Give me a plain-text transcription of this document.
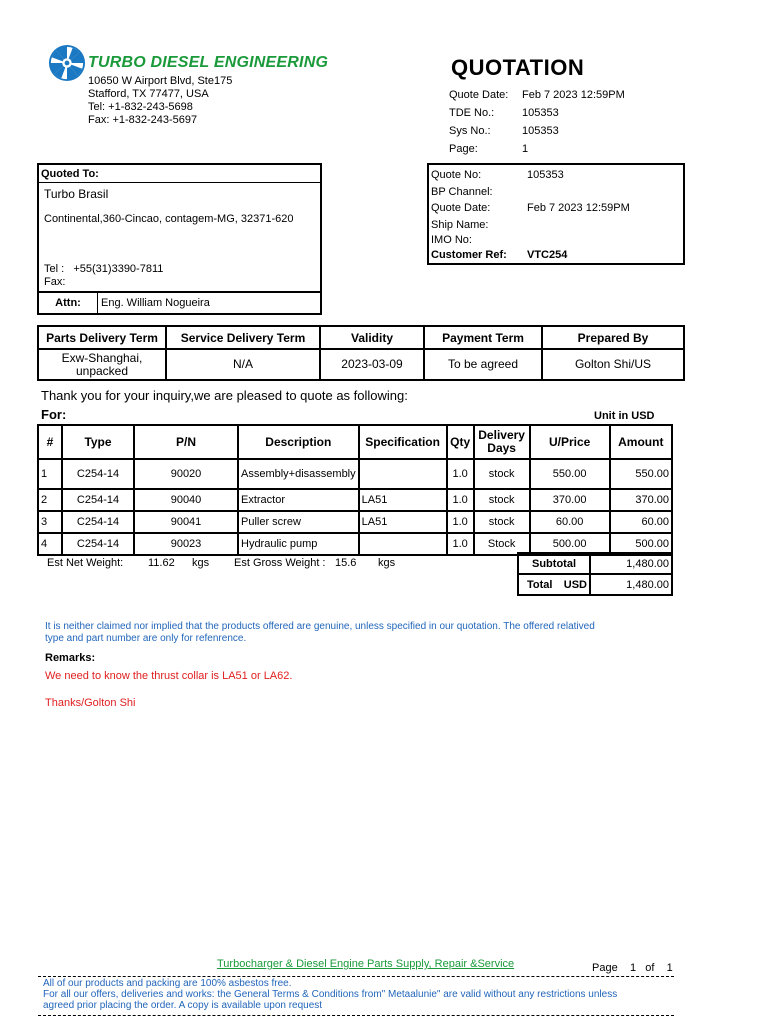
TURBO DIESEL ENGINEERING
10650 W Airport Blvd, Ste175
Stafford, TX 77477, USA
Tel: +1-832-243-5698
Fax: +1-832-243-5697
QUOTATION
Quote Date: Feb 7 2023 12:59PM
TDE No.:	105353
Sys No.:	105353
Page:	1
Quoted To:
Turbo Brasil
Continental,360-Cincao, contagem-MG, 32371-620
Tel : +55(31)3390-7811
Fax:
Attn:	Eng. William Nogueira
Quote No:	105353
BP Channel:
Quote Date:	Feb 7 2023 12:59PM
Ship Name:
IMO No:
Customer Ref: VTC254
Parts Delivery Term	Service Delivery Term	Validity	Payment Term	Prepared By
Exw-Shanghai, unpacked	N/A	2023-03-09	To be agreed	Golton Shi/US
Thank you for your inquiry,we are pleased to quote as following:
For:	Unit in USD
#	Type	P/N	Description	Specification	Qty	Delivery Days	U/Price	Amount
1	C254-14	90020	Assembly+disassembly		1.0	stock	550.00	550.00
2	C254-14	90040	Extractor	LA51	1.0	stock	370.00	370.00
3	C254-14	90041	Puller screw	LA51	1.0	stock	60.00	60.00
4	C254-14	90023	Hydraulic pump		1.0	Stock	500.00	500.00
Est Net Weight: 11.62 kgs Est Gross Weight : 15.6 kgs	Subtotal	1,480.00
Total USD	1,480.00
It is neither claimed nor implied that the products offered are genuine, unless specified in our quotation. The offered relatived type and part number are only for refenrence.
Remarks:
We need to know the thrust collar is LA51 or LA62.
Thanks/Golton Shi
Turbocharger & Diesel Engine Parts Supply, Repair &Service	Page 1 of 1
All of our products and packing are 100% asbestos free.
For all our offers, deliveries and works: the General Terms & Conditions from" Metaalunie" are valid without any restrictions unless agreed prior placing the order. A copy is available upon request
